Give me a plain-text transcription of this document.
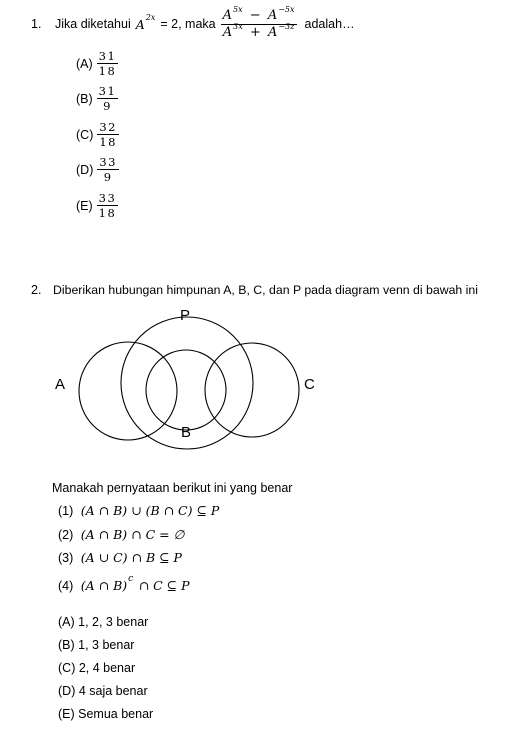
1. Jika diketahui A 2x = 2, maka $\frac{A^{5x} - A^{-5x}}{A^{3x} + A^{-3z}}$ adalah…
$(A) \frac{31}{18}$
$(B) \frac{31}{9}$
$(C) \frac{32}{18}$
$(D) \frac{33}{9}$
$(E) \frac{33}{18}$
2. Diberikan hubungan himpunan A, B, C, dan P pada diagram venn di bawah ini
P
A
B
C
Manakah pernyataan berikut ini yang benar
(1) (A ∩ B) ∪ (B ∩ C) ⊆ P
(2) (A ∩ B) ∩ C = ∅
(3) (A ∪ C) ∩ B ⊆ P
(4) (A ∩ B)$^c$ ∩ C ⊆ P
(A) 1, 2, 3 benar
(B) 1, 3 benar
(C) 2, 4 benar
(D) 4 saja benar
(E) Semua benar
